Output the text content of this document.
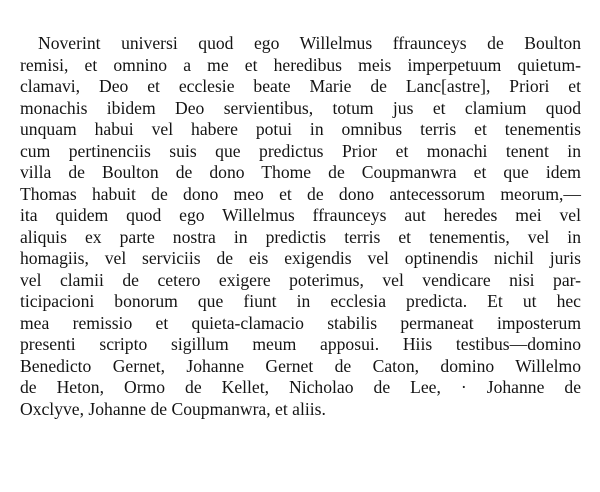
Noverint universi quod ego Willelmus ffraunceys de Boulton
remisi, et omnino a me et heredibus meis imperpetuum quietum-
clamavi, Deo et ecclesie beate Marie de Lanc[astre], Priori et
monachis ibidem Deo servientibus, totum jus et clamium quod
unquam habui vel habere potui in omnibus terris et tenementis
cum pertinenciis suis que predictus Prior et monachi tenent in
villa de Boulton de dono Thome de Coupmanwra et que idem
Thomas habuit de dono meo et de dono antecessorum meorum,—
ita quidem quod ego Willelmus ffraunceys aut heredes mei vel
aliquis ex parte nostra in predictis terris et tenementis, vel in
homagiis, vel serviciis de eis exigendis vel optinendis nichil juris
vel clamii de cetero exigere poterimus, vel vendicare nisi par-
ticipacioni bonorum que fiunt in ecclesia predicta. Et ut hec
mea remissio et quieta-clamacio stabilis permaneat imposterum
presenti scripto sigillum meum apposui. Hiis testibus—domino
Benedicto Gernet, Johanne Gernet de Caton, domino Willelmo
de Heton, Ormo de Kellet, Nicholao de Lee, · Johanne de
Oxclyve, Johanne de Coupmanwra, et aliis.
